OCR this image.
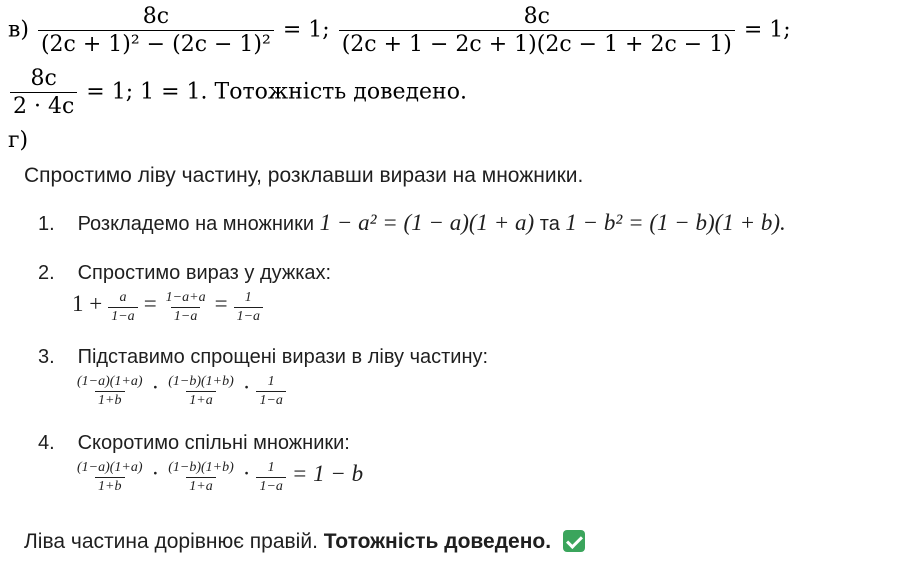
$в) \frac{8c}{\text{(2c + 1)² − (2c − 1)²}} = 1$; $\frac{8c}{(2c + 1 - 2c + 1)(2c - 1 + 2c - 1)} = 1$;
$\frac{8c}{2 \cdot 4c} = 1$; 1 = 1. Тотожність доведено.
г)
Спростимо ліву частину, розклавши вирази на множники.
1. Розкладемо на множники 1 − a² = (1 − a)(1 + a) та 1 − b² = (1 − b)(1 + b).
2. Спростимо вираз у дужках:
$1 + \frac{a}{1-a} = \frac{1-a+a}{1-a} = \frac{1}{1-a}$
3. Підставимо спрощені вирази в ліву частину:
$\frac{(1-a)(1+a)}{1+b} \cdot \frac{(1-b)(1+b)}{1+a} \cdot \frac{1}{1-a}$
4. Скоротимо спільні множники:
$\frac{(1-a)(1+a)}{1+b} \cdot \frac{(1-b)(1+b)}{1+a} \cdot \frac{1}{1-a} = 1 - b$
Ліва частина дорівнює правій. Тотожність доведено.
